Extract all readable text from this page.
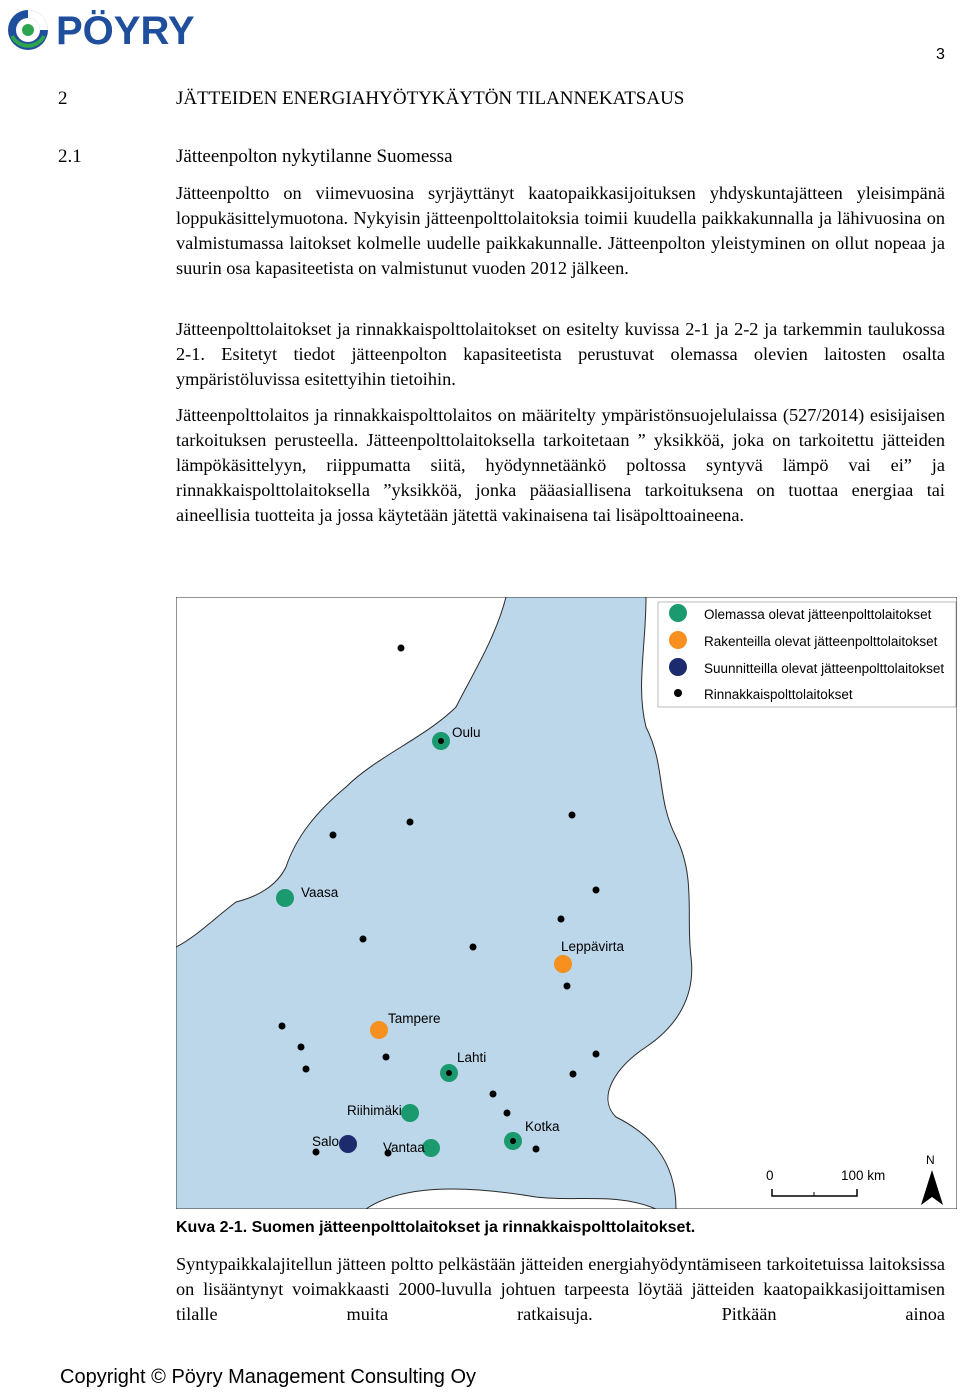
PÖYRY
3
2	JÄTTEIDEN ENERGIAHYÖTYKÄYTÖN TILANNEKATSAUS
2.1	Jätteenpolton nykytilanne Suomessa
Jätteenpoltto on viimevuosina syrjäyttänyt kaatopaikkasijoituksen yhdyskuntajätteen yleisimpänä loppukäsittelymuotona. Nykyisin jätteenpolttolaitoksia toimii kuudella paikkakunnalla ja lähivuosina on valmistumassa laitokset kolmelle uudelle paikkakunnalle. Jätteenpolton yleistyminen on ollut nopeaa ja suurin osa kapasiteetista on valmistunut vuoden 2012 jälkeen.
Jätteenpolttolaitokset ja rinnakkaispolttolaitokset on esitelty kuvissa 2-1 ja 2-2 ja tarkemmin taulukossa 2-1. Esitetyt tiedot jätteenpolton kapasiteetista perustuvat olemassa olevien laitosten osalta ympäristöluvissa esitettyihin tietoihin.
Jätteenpolttolaitos ja rinnakkaispolttolaitos on määritelty ympäristönsuojelulaissa (527/2014) esisijaisen tarkoituksen perusteella. Jätteenpolttolaitoksella tarkoitetaan ” yksikköä, joka on tarkoitettu jätteiden lämpökäsittelyyn, riippumatta siitä, hyödynnetäänkö poltossa syntyvä lämpö vai ei” ja rinnakkaispolttolaitoksella ”yksikköä, jonka pääasiallisena tarkoituksena on tuottaa energiaa tai aineellisia tuotteita ja jossa käytetään jätettä vakinaisena tai lisäpolttoaineena.
Olemassa olevat jätteenpolttolaitokset
Rakenteilla olevat jätteenpolttolaitokset
Suunnitteilla olevat jätteenpolttolaitokset
Rinnakkaispolttolaitokset
Oulu
Vaasa
Leppävirta
Tampere
Lahti
Riihimäki
Salo	Vantaa
Kotka
0	100 km
N
Kuva 2-1. Suomen jätteenpolttolaitokset ja rinnakkaispolttolaitokset.
Syntypaikkalajitellun jätteen poltto pelkästään jätteiden energiahyödyntämiseen tarkoitetuissa laitoksissa on lisääntynyt voimakkaasti 2000-luvulla johtuen tarpeesta löytää jätteiden kaatopaikkasijoittamisen tilalle muita ratkaisuja. Pitkään ainoa
Copyright © Pöyry Management Consulting Oy
